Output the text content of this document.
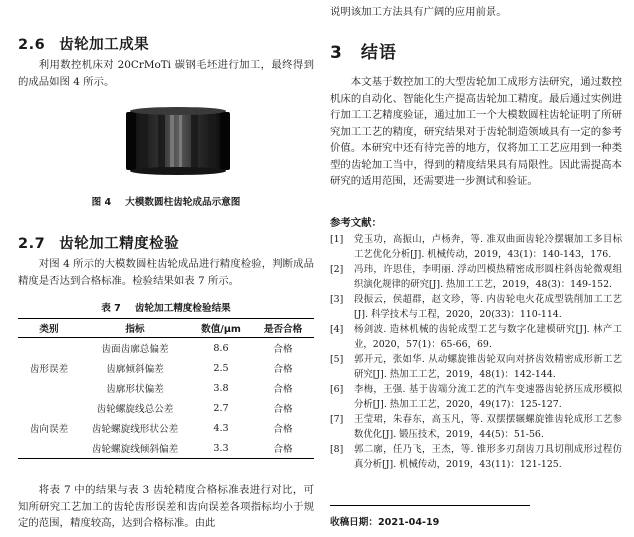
2.6 齿轮加工成果

利用数控机床对 20CrMoTi 碳钢毛坯进行加工，最终得到的成品如图 4 所示。

图 4 大模数圆柱齿轮成品示意图

2.7 齿轮加工精度检验

对图 4 所示的大模数圆柱齿轮成品进行精度检验，判断成品精度是否达到合格标准。检验结果如表 7 所示。

表 7 齿轮加工精度检验结果

类别	指标	数值/μm	是否合格
齿形误差	齿面齿廓总偏差	8.6	合格
	齿廓倾斜偏差	2.5	合格
	齿廓形状偏差	3.8	合格
齿向误差	齿轮螺旋线总公差	2.7	合格
	齿轮螺旋线形状公差	4.3	合格
	齿轮螺旋线倾斜偏差	3.3	合格

将表 7 中的结果与表 3 齿轮精度合格标准表进行对比，可知所研究工艺加工的齿轮齿形误差和齿向误差各项指标均小于规定的范围，精度较高，达到合格标准。由此

说明该加工方法具有广阔的应用前景。

3 结语

本文基于数控加工的大型齿轮加工成形方法研究，通过数控机床的自动化、智能化生产提高齿轮加工精度。最后通过实例进行加工工艺精度验证，通过加工一个大模数圆柱齿轮证明了所研究加工工艺的精度，研究结果对于齿轮制造领域具有一定的参考价值。本研究中还有待完善的地方，仅将加工工艺应用到一种类型的齿轮加工当中，得到的精度结果具有局限性。因此需提高本研究的适用范围，还需要进一步测试和验证。

参考文献：

[1] 党玉功，高振山，卢杨奔，等. 准双曲面齿轮冷摆辗加工多目标工艺优化分析[J]. 机械传动，2019，43(1)：140-143，176.
[2] 冯玮，许思佳，李明丽. 浮动凹模热精密成形圆柱斜齿轮微观组织演化规律的研究[J]. 热加工工艺，2019，48(3)：149-152.
[3] 段振云，侯超群，赵文珍，等. 内齿轮电火花成型铣削加工工艺[J]. 科学技术与工程，2020，20(33)：110-114.
[4] 杨剑波. 造林机械的齿轮成型工艺与数字化建模研究[J]. 林产工业，2020，57(1)：65-66，69.
[5] 郭开元，张如华. 从动螺旋锥齿轮双向对挤齿效精密成形新工艺研究[J]. 热加工工艺，2019，48(1)：142-144.
[6] 李梅，王强. 基于齿端分流工艺的汽车变速器齿轮挤压成形模拟分析[J]. 热加工工艺，2020，49(17)：125-127.
[7] 王莹珺，朱春东，高玉凡，等. 双摆摆辗螺旋锥齿轮成形工艺参数优化[J]. 锻压技术，2019，44(5)：51-56.
[8] 郭二廓，任乃飞，王杰，等. 锥形多刃刮齿刀具切削成形过程仿真分析[J]. 机械传动，2019，43(11)：121-125.

收稿日期：2021-04-19
